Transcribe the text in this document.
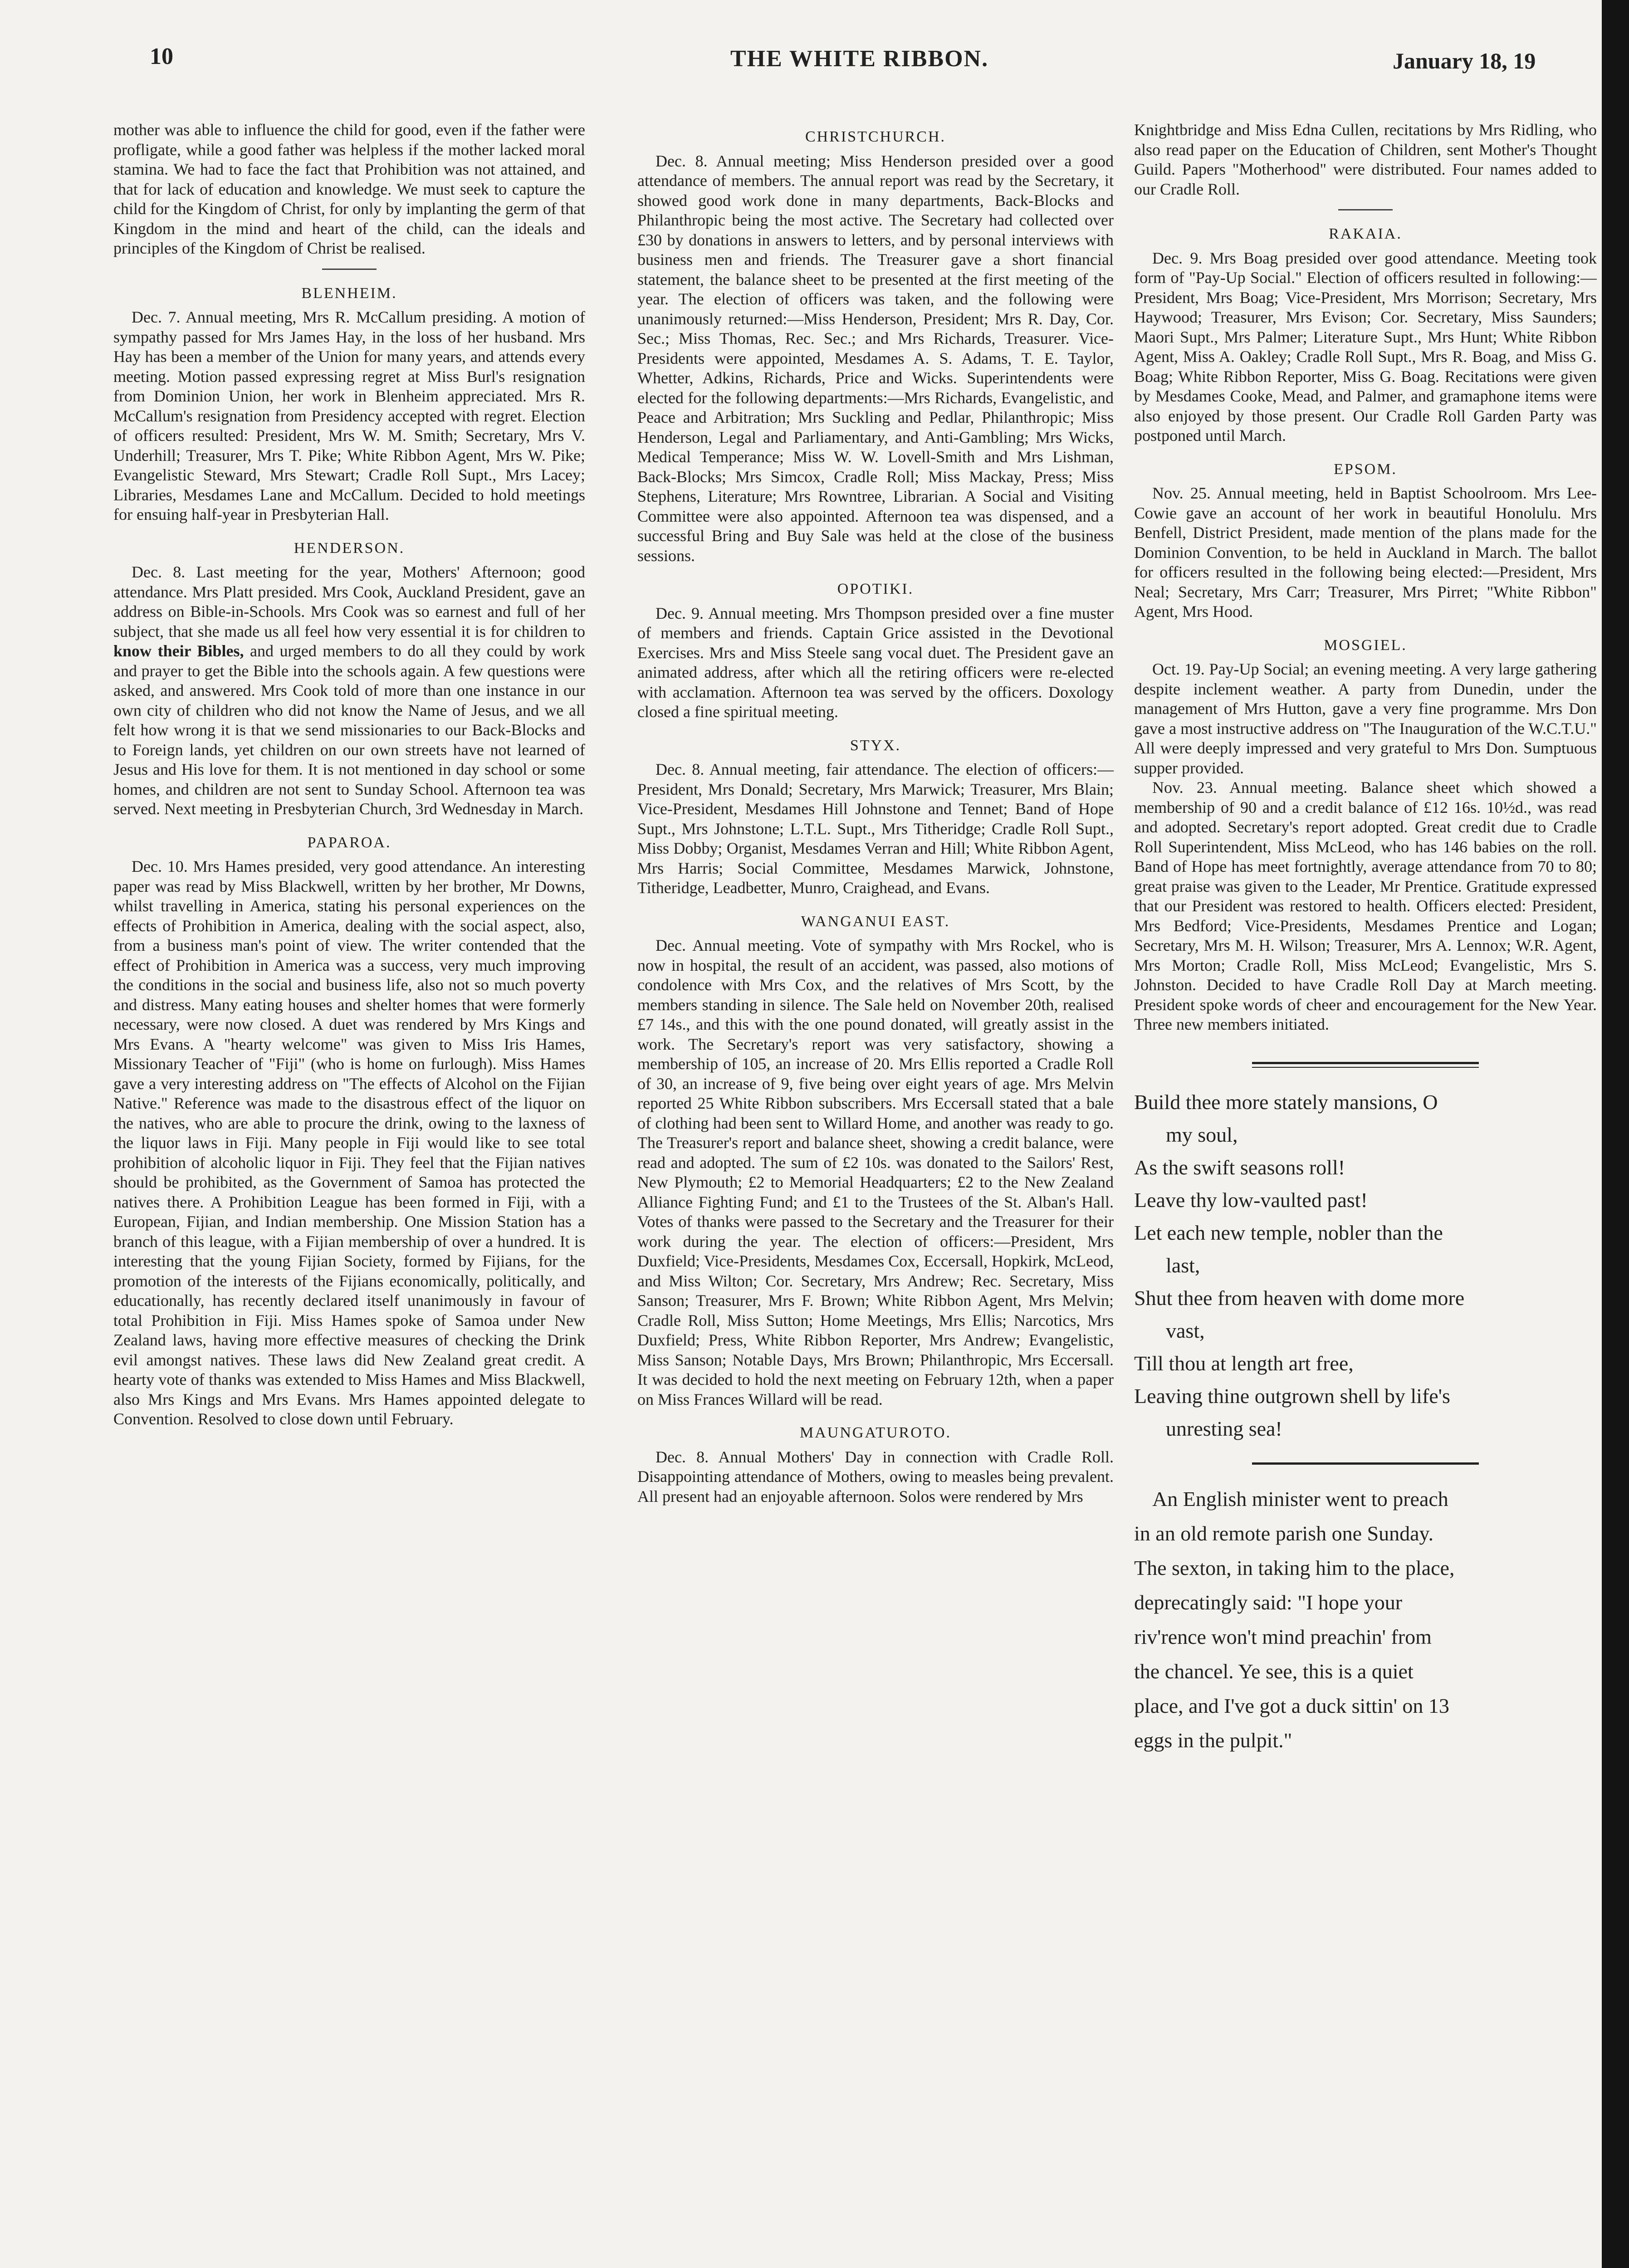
10	THE WHITE RIBBON.	January 18, 19

mother was able to influence the child for good, even if the father were profligate, while a good father was helpless if the mother lacked moral stamina. We had to face the fact that Prohibition was not attained, and that for lack of education and knowledge. We must seek to capture the child for the Kingdom of Christ, for only by implanting the germ of that Kingdom in the mind and heart of the child, can the ideals and principles of the Kingdom of Christ be realised.

BLENHEIM.

Dec. 7. Annual meeting, Mrs R. McCallum presiding. A motion of sympathy passed for Mrs James Hay, in the loss of her husband. Mrs Hay has been a member of the Union for many years, and attends every meeting. Motion passed expressing regret at Miss Burl's resignation from Dominion Union, her work in Blenheim appreciated. Mrs R. McCallum's resignation from Presidency accepted with regret. Election of officers resulted: President, Mrs W. M. Smith; Secretary, Mrs V. Underhill; Treasurer, Mrs T. Pike; White Ribbon Agent, Mrs W. Pike; Evangelistic Steward, Mrs Stewart; Cradle Roll Supt., Mrs Lacey; Libraries, Mesdames Lane and McCallum. Decided to hold meetings for ensuing half-year in Presbyterian Hall.

HENDERSON.

Dec. 8. Last meeting for the year, Mothers' Afternoon; good attendance. Mrs Platt presided. Mrs Cook, Auckland President, gave an address on Bible-in-Schools. Mrs Cook was so earnest and full of her subject, that she made us all feel how very essential it is for children to know their Bibles, and urged members to do all they could by work and prayer to get the Bible into the schools again. A few questions were asked, and answered. Mrs Cook told of more than one instance in our own city of children who did not know the Name of Jesus, and we all felt how wrong it is that we send missionaries to our Back-Blocks and to Foreign lands, yet children on our own streets have not learned of Jesus and His love for them. It is not mentioned in day school or some homes, and children are not sent to Sunday School. Afternoon tea was served. Next meeting in Presbyterian Church, 3rd Wednesday in March.

PAPAROA.

Dec. 10. Mrs Hames presided, very good attendance. An interesting paper was read by Miss Blackwell, written by her brother, Mr Downs, whilst travelling in America, stating his personal experiences on the effects of Prohibition in America, dealing with the social aspect, also, from a business man's point of view. The writer contended that the effect of Prohibition in America was a success, very much improving the conditions in the social and business life, also not so much poverty and distress. Many eating houses and shelter homes that were formerly necessary, were now closed. A duet was rendered by Mrs Kings and Mrs Evans. A "hearty welcome" was given to Miss Iris Hames, Missionary Teacher of "Fiji" (who is home on furlough). Miss Hames gave a very interesting address on "The effects of Alcohol on the Fijian Native." Reference was made to the disastrous effect of the liquor on the natives, who are able to procure the drink, owing to the laxness of the liquor laws in Fiji. Many people in Fiji would like to see total prohibition of alcoholic liquor in Fiji. They feel that the Fijian natives should be prohibited, as the Government of Samoa has protected the natives there. A Prohibition League has been formed in Fiji, with a European, Fijian, and Indian membership. One Mission Station has a branch of this league, with a Fijian membership of over a hundred. It is interesting that the young Fijian Society, formed by Fijians, for the promotion of the interests of the Fijians economically, politically, and educationally, has recently declared itself unanimously in favour of total Prohibition in Fiji. Miss Hames spoke of Samoa under New Zealand laws, having more effective measures of checking the Drink evil amongst natives. These laws did New Zealand great credit. A hearty vote of thanks was extended to Miss Hames and Miss Blackwell, also Mrs Kings and Mrs Evans. Mrs Hames appointed delegate to Convention. Resolved to close down until February.

CHRISTCHURCH.

Dec. 8. Annual meeting; Miss Henderson presided over a good attendance of members. The annual report was read by the Secretary, it showed good work done in many departments, Back-Blocks and Philanthropic being the most active. The Secretary had collected over £30 by donations in answers to letters, and by personal interviews with business men and friends. The Treasurer gave a short financial statement, the balance sheet to be presented at the first meeting of the year. The election of officers was taken, and the following were unanimously returned:—Miss Henderson, President; Mrs R. Day, Cor. Sec.; Miss Thomas, Rec. Sec.; and Mrs Richards, Treasurer. Vice-Presidents were appointed, Mesdames A. S. Adams, T. E. Taylor, Whetter, Adkins, Richards, Price and Wicks. Superintendents were elected for the following departments:—Mrs Richards, Evangelistic, and Peace and Arbitration; Mrs Suckling and Pedlar, Philanthropic; Miss Henderson, Legal and Parliamentary, and Anti-Gambling; Mrs Wicks, Medical Temperance; Miss W. W. Lovell-Smith and Mrs Lishman, Back-Blocks; Mrs Simcox, Cradle Roll; Miss Mackay, Press; Miss Stephens, Literature; Mrs Rowntree, Librarian. A Social and Visiting Committee were also appointed. Afternoon tea was dispensed, and a successful Bring and Buy Sale was held at the close of the business sessions.

OPOTIKI.

Dec. 9. Annual meeting. Mrs Thompson presided over a fine muster of members and friends. Captain Grice assisted in the Devotional Exercises. Mrs and Miss Steele sang vocal duet. The President gave an animated address, after which all the retiring officers were re-elected with acclamation. Afternoon tea was served by the officers. Doxology closed a fine spiritual meeting.

STYX.

Dec. 8. Annual meeting, fair attendance. The election of officers:—President, Mrs Donald; Secretary, Mrs Marwick; Treasurer, Mrs Blain; Vice-President, Mesdames Hill Johnstone and Tennet; Band of Hope Supt., Mrs Johnstone; L.T.L. Supt., Mrs Titheridge; Cradle Roll Supt., Miss Dobby; Organist, Mesdames Verran and Hill; White Ribbon Agent, Mrs Harris; Social Committee, Mesdames Marwick, Johnstone, Titheridge, Leadbetter, Munro, Craighead, and Evans.

WANGANUI EAST.

Dec. Annual meeting. Vote of sympathy with Mrs Rockel, who is now in hospital, the result of an accident, was passed, also motions of condolence with Mrs Cox, and the relatives of Mrs Scott, by the members standing in silence. The Sale held on November 20th, realised £7 14s., and this with the one pound donated, will greatly assist in the work. The Secretary's report was very satisfactory, showing a membership of 105, an increase of 20. Mrs Ellis reported a Cradle Roll of 30, an increase of 9, five being over eight years of age. Mrs Melvin reported 25 White Ribbon subscribers. Mrs Eccersall stated that a bale of clothing had been sent to Willard Home, and another was ready to go. The Treasurer's report and balance sheet, showing a credit balance, were read and adopted. The sum of £2 10s. was donated to the Sailors' Rest, New Plymouth; £2 to Memorial Headquarters; £2 to the New Zealand Alliance Fighting Fund; and £1 to the Trustees of the St. Alban's Hall. Votes of thanks were passed to the Secretary and the Treasurer for their work during the year. The election of officers:—President, Mrs Duxfield; Vice-Presidents, Mesdames Cox, Eccersall, Hopkirk, McLeod, and Miss Wilton; Cor. Secretary, Mrs Andrew; Rec. Secretary, Miss Sanson; Treasurer, Mrs F. Brown; White Ribbon Agent, Mrs Melvin; Cradle Roll, Miss Sutton; Home Meetings, Mrs Ellis; Narcotics, Mrs Duxfield; Press, White Ribbon Reporter, Mrs Andrew; Evangelistic, Miss Sanson; Notable Days, Mrs Brown; Philanthropic, Mrs Eccersall. It was decided to hold the next meeting on February 12th, when a paper on Miss Frances Willard will be read.

MAUNGATUROTO.

Dec. 8. Annual Mothers' Day in connection with Cradle Roll. Disappointing attendance of Mothers, owing to measles being prevalent. All present had an enjoyable afternoon. Solos were rendered by Mrs

Knightbridge and Miss Edna Cullen, recitations by Mrs Ridling, who also read paper on the Education of Children, sent Mother's Thought Guild. Papers "Motherhood" were distributed. Four names added to our Cradle Roll.

RAKAIA.

Dec. 9. Mrs Boag presided over good attendance. Meeting took form of "Pay-Up Social." Election of officers resulted in following:—President, Mrs Boag; Vice-President, Mrs Morrison; Secretary, Mrs Haywood; Treasurer, Mrs Evison; Cor. Secretary, Miss Saunders; Maori Supt., Mrs Palmer; Literature Supt., Mrs Hunt; White Ribbon Agent, Miss A. Oakley; Cradle Roll Supt., Mrs R. Boag, and Miss G. Boag; White Ribbon Reporter, Miss G. Boag. Recitations were given by Mesdames Cooke, Mead, and Palmer, and gramaphone items were also enjoyed by those present. Our Cradle Roll Garden Party was postponed until March.

EPSOM.

Nov. 25. Annual meeting, held in Baptist Schoolroom. Mrs Lee-Cowie gave an account of her work in beautiful Honolulu. Mrs Benfell, District President, made mention of the plans made for the Dominion Convention, to be held in Auckland in March. The ballot for officers resulted in the following being elected:—President, Mrs Neal; Secretary, Mrs Carr; Treasurer, Mrs Pirret; "White Ribbon" Agent, Mrs Hood.

MOSGIEL.

Oct. 19. Pay-Up Social; an evening meeting. A very large gathering despite inclement weather. A party from Dunedin, under the management of Mrs Hutton, gave a very fine programme. Mrs Don gave a most instructive address on "The Inauguration of the W.C.T.U." All were deeply impressed and very grateful to Mrs Don. Sumptuous supper provided.

Nov. 23. Annual meeting. Balance sheet which showed a membership of 90 and a credit balance of £12 16s. 10½d., was read and adopted. Secretary's report adopted. Great credit due to Cradle Roll Superintendent, Miss McLeod, who has 146 babies on the roll. Band of Hope has meet fortnightly, average attendance from 70 to 80; great praise was given to the Leader, Mr Prentice. Gratitude expressed that our President was restored to health. Officers elected: President, Mrs Bedford; Vice-Presidents, Mesdames Prentice and Logan; Secretary, Mrs M. H. Wilson; Treasurer, Mrs A. Lennox; W.R. Agent, Mrs Morton; Cradle Roll, Miss McLeod; Evangelistic, Mrs S. Johnston. Decided to have Cradle Roll Day at March meeting. President spoke words of cheer and encouragement for the New Year. Three new members initiated.

Build thee more stately mansions, O
my soul,
As the swift seasons roll!
Leave thy low-vaulted past!
Let each new temple, nobler than the
last,
Shut thee from heaven with dome more
vast,
Till thou at length art free,
Leaving thine outgrown shell by life's
unresting sea!
An English minister went to preach
in an old remote parish one Sunday.
The sexton, in taking him to the place,
deprecatingly said: "I hope your
riv'rence won't mind preachin' from
the chancel. Ye see, this is a quiet
place, and I've got a duck sittin' on 13
eggs in the pulpit."
